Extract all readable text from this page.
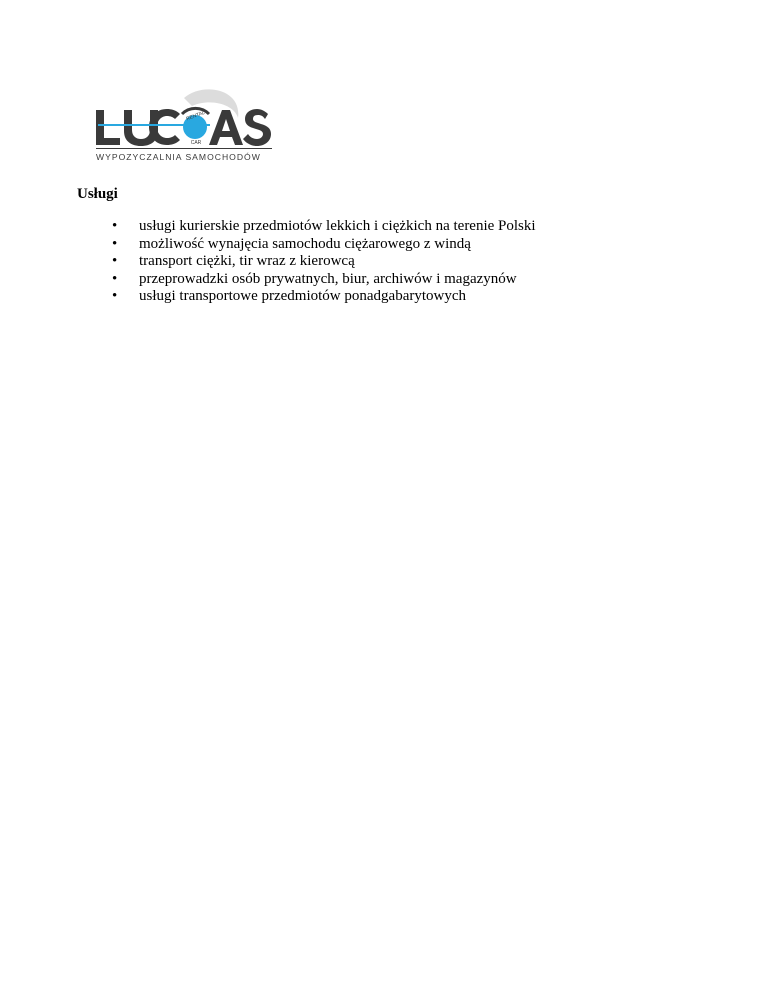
RENTAL
CAR
WYPOZYCZALNIA SAMOCHODÓW
Usługi
• usługi kurierskie przedmiotów lekkich i ciężkich na terenie Polski
• możliwość wynajęcia samochodu ciężarowego z windą
• transport ciężki, tir wraz z kierowcą
• przeprowadzki osób prywatnych, biur, archiwów i magazynów
• usługi transportowe przedmiotów ponadgabarytowych
